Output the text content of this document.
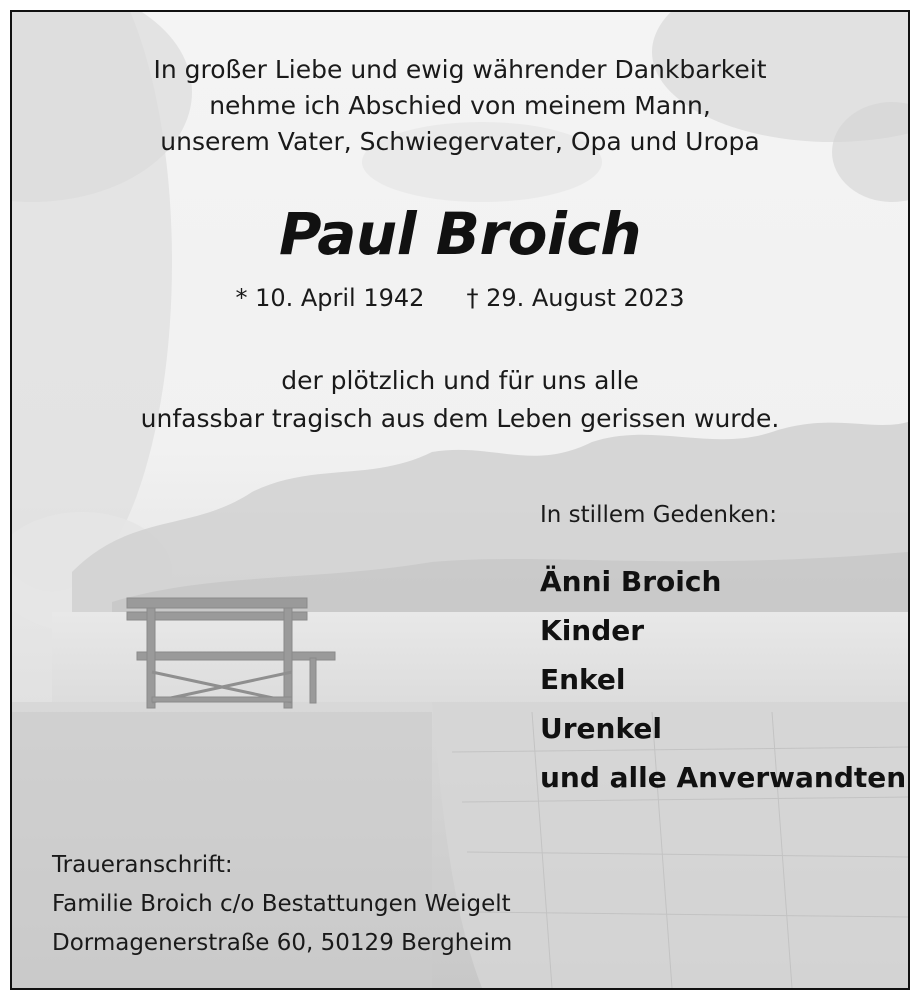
In großer Liebe und ewig währender Dankbarkeit
nehme ich Abschied von meinem Mann,
unserem Vater, Schwiegervater, Opa und Uropa
Paul Broich
* 10. April 1942 † 29. August 2023
der plötzlich und für uns alle
unfassbar tragisch aus dem Leben gerissen wurde.
In stillem Gedenken:
Änni Broich
Kinder
Enkel
Urenkel
und alle Anverwandten
Traueranschrift:
Familie Broich c/o Bestattungen Weigelt
Dormagenerstraße 60, 50129 Bergheim
